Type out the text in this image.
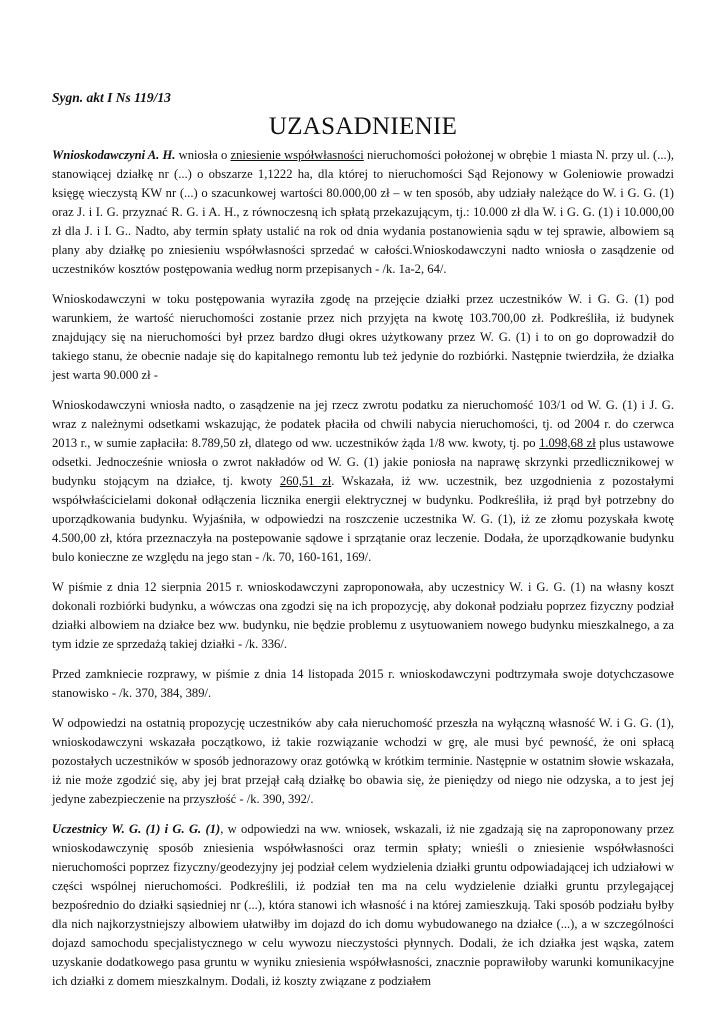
Sygn. akt I Ns 119/13
UZASADNIENIE

Wnioskodawczyni A. H. wniosła o zniesienie współwłasności nieruchomości położonej w obrębie 1 miasta N. przy ul. (...), stanowiącej działkę nr (...) o obszarze 1,1222 ha, dla której to nieruchomości Sąd Rejonowy w Goleniowie prowadzi księgę wieczystą KW nr (...) o szacunkowej wartości 80.000,00 zł – w ten sposób, aby udziały należące do W. i G. G. (1) oraz J. i I. G. przyznać R. G. i A. H., z równoczesną ich spłatą przekazującym, tj.: 10.000 zł dla W. i G. G. (1) i 10.000,00 zł dla J. i I. G.. Nadto, aby termin spłaty ustalić na rok od dnia wydania postanowienia sądu w tej sprawie, albowiem są plany aby działkę po zniesieniu współwłasności sprzedać w całości.Wnioskodawczyni nadto wniosła o zasądzenie od uczestników kosztów postępowania według norm przepisanych - /k. 1a-2, 64/.

Wnioskodawczyni w toku postępowania wyraziła zgodę na przejęcie działki przez uczestników W. i G. G. (1) pod warunkiem, że wartość nieruchomości zostanie przez nich przyjęta na kwotę 103.700,00 zł. Podkreśliła, iż budynek znajdujący się na nieruchomości był przez bardzo długi okres użytkowany przez W. G. (1) i to on go doprowadził do takiego stanu, że obecnie nadaje się do kapitalnego remontu lub też jedynie do rozbiórki. Następnie twierdziła, że działka jest warta 90.000 zł -

Wnioskodawczyni wniosła nadto, o zasądzenie na jej rzecz zwrotu podatku za nieruchomość 103/1 od W. G. (1) i J. G. wraz z należnymi odsetkami wskazując, że podatek płaciła od chwili nabycia nieruchomości, tj. od 2004 r. do czerwca 2013 r., w sumie zapłaciła: 8.789,50 zł, dlatego od ww. uczestników żąda 1/8 ww. kwoty, tj. po 1.098,68 zł plus ustawowe odsetki. Jednocześnie wniosła o zwrot nakładów od W. G. (1) jakie poniosła na naprawę skrzynki przedlicznikowej w budynku stojącym na działce, tj. kwoty 260,51 zł. Wskazała, iż ww. uczestnik, bez uzgodnienia z pozostałymi współwłaścicielami dokonał odłączenia licznika energii elektrycznej w budynku. Podkreśliła, iż prąd był potrzebny do uporządkowania budynku. Wyjaśniła, w odpowiedzi na roszczenie uczestnika W. G. (1), iż ze złomu pozyskała kwotę 4.500,00 zł, która przeznaczyła na postepowanie sądowe i sprzątanie oraz leczenie. Dodała, że uporządkowanie budynku bulo konieczne ze względu na jego stan - /k. 70, 160-161, 169/.

W piśmie z dnia 12 sierpnia 2015 r. wnioskodawczyni zaproponowała, aby uczestnicy W. i G. G. (1) na własny koszt dokonali rozbiórki budynku, a wówczas ona zgodzi się na ich propozycję, aby dokonał podziału poprzez fizyczny podział działki albowiem na działce bez ww. budynku, nie będzie problemu z usytuowaniem nowego budynku mieszkalnego, a za tym idzie ze sprzedażą takiej działki - /k. 336/.

Przed zamkniecie rozprawy, w piśmie z dnia 14 listopada 2015 r. wnioskodawczyni podtrzymała swoje dotychczasowe stanowisko - /k. 370, 384, 389/.

W odpowiedzi na ostatnią propozycję uczestników aby cała nieruchomość przeszła na wyłączną własność W. i G. G. (1), wnioskodawczyni wskazała początkowo, iż takie rozwiązanie wchodzi w grę, ale musi być pewność, że oni spłacą pozostałych uczestników w sposób jednorazowy oraz gotówką w krótkim terminie. Następnie w ostatnim słowie wskazała, iż nie może zgodzić się, aby jej brat przejął całą działkę bo obawia się, że pieniędzy od niego nie odzyska, a to jest jej jedyne zabezpieczenie na przyszłość - /k. 390, 392/.

Uczestnicy W. G. (1) i G. G. (1), w odpowiedzi na ww. wniosek, wskazali, iż nie zgadzają się na zaproponowany przez wnioskodawczynię sposób zniesienia współwłasności oraz termin spłaty; wnieśli o zniesienie współwłasności nieruchomości poprzez fizyczny/geodezyjny jej podział celem wydzielenia działki gruntu odpowiadającej ich udziałowi w części wspólnej nieruchomości. Podkreślili, iż podział ten ma na celu wydzielenie działki gruntu przylegającej bezpośrednio do działki sąsiedniej nr (...), która stanowi ich własność i na której zamieszkują. Taki sposób podziału byłby dla nich najkorzystniejszy albowiem ułatwiłby im dojazd do ich domu wybudowanego na działce (...), a w szczególności dojazd samochodu specjalistycznego w celu wywozu nieczystości płynnych. Dodali, że ich działka jest wąska, zatem uzyskanie dodatkowego pasa gruntu w wyniku zniesienia współwłasności, znacznie poprawiłoby warunki komunikacyjne ich działki z domem mieszkalnym. Dodali, iż koszty związane z podziałem
